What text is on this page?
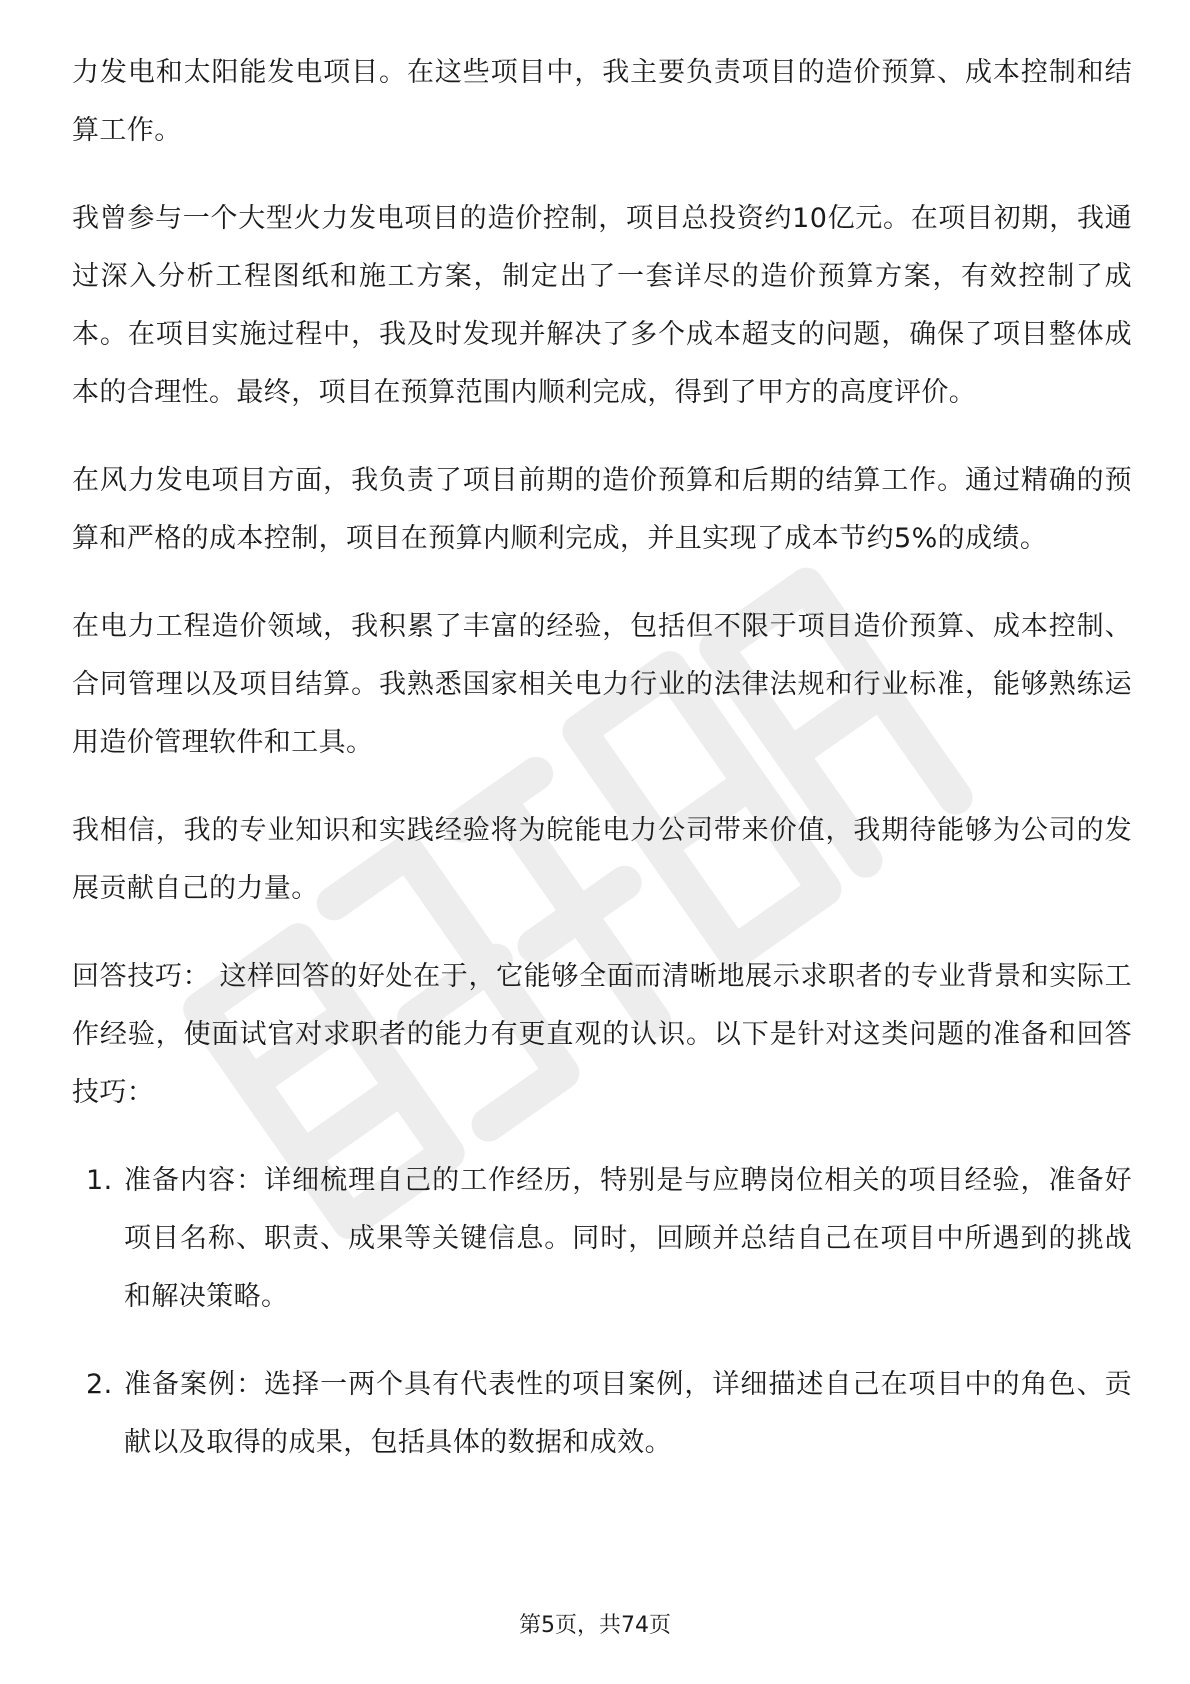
力发电和太阳能发电项目。在这些项目中，我主要负责项目的造价预算、成本控制和结算工作。

我曾参与一个大型火力发电项目的造价控制，项目总投资约10亿元。在项目初期，我通过深入分析工程图纸和施工方案，制定出了一套详尽的造价预算方案，有效控制了成本。在项目实施过程中，我及时发现并解决了多个成本超支的问题，确保了项目整体成本的合理性。最终，项目在预算范围内顺利完成，得到了甲方的高度评价。

在风力发电项目方面，我负责了项目前期的造价预算和后期的结算工作。通过精确的预算和严格的成本控制，项目在预算内顺利完成，并且实现了成本节约5%的成绩。

在电力工程造价领域，我积累了丰富的经验，包括但不限于项目造价预算、成本控制、合同管理以及项目结算。我熟悉国家相关电力行业的法律法规和行业标准，能够熟练运用造价管理软件和工具。

我相信，我的专业知识和实践经验将为皖能电力公司带来价值，我期待能够为公司的发展贡献自己的力量。

回答技巧： 这样回答的好处在于，它能够全面而清晰地展示求职者的专业背景和实际工作经验，使面试官对求职者的能力有更直观的认识。以下是针对这类问题的准备和回答技巧：

1. 准备内容：详细梳理自己的工作经历，特别是与应聘岗位相关的项目经验，准备好项目名称、职责、成果等关键信息。同时，回顾并总结自己在项目中所遇到的挑战和解决策略。
2. 准备案例：选择一两个具有代表性的项目案例，详细描述自己在项目中的角色、贡献以及取得的成果，包括具体的数据和成效。
第5页，共74页
